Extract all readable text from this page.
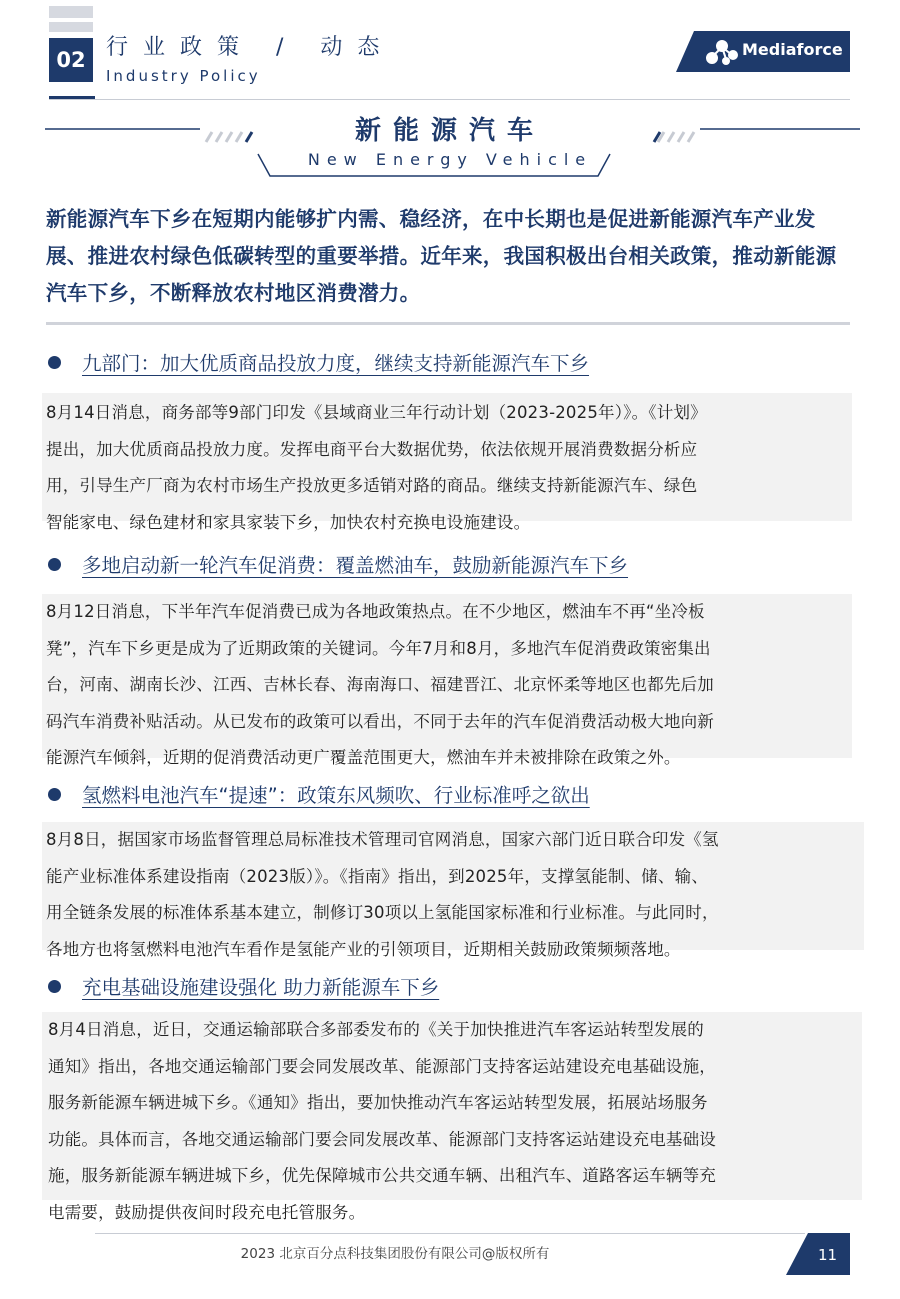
02 行业政策 / 动态
Industry Policy
Mediaforce
新能源汽车
New Energy Vehicle
新能源汽车下乡在短期内能够扩内需、稳经济，在中长期也是促进新能源汽车产业发展、推进农村绿色低碳转型的重要举措。近年来，我国积极出台相关政策，推动新能源汽车下乡，不断释放农村地区消费潜力。
九部门：加大优质商品投放力度，继续支持新能源汽车下乡
8月14日消息，商务部等9部门印发《县域商业三年行动计划（2023-2025年）》。《计划》
提出，加大优质商品投放力度。发挥电商平台大数据优势，依法依规开展消费数据分析应
用，引导生产厂商为农村市场生产投放更多适销对路的商品。继续支持新能源汽车、绿色
智能家电、绿色建材和家具家装下乡，加快农村充换电设施建设。
多地启动新一轮汽车促消费：覆盖燃油车，鼓励新能源汽车下乡
8月12日消息，下半年汽车促消费已成为各地政策热点。在不少地区，燃油车不再“坐冷板
凳”，汽车下乡更是成为了近期政策的关键词。今年7月和8月，多地汽车促消费政策密集出
台，河南、湖南长沙、江西、吉林长春、海南海口、福建晋江、北京怀柔等地区也都先后加
码汽车消费补贴活动。从已发布的政策可以看出，不同于去年的汽车促消费活动极大地向新
能源汽车倾斜，近期的促消费活动更广覆盖范围更大，燃油车并未被排除在政策之外。
氢燃料电池汽车“提速”：政策东风频吹、行业标准呼之欲出
8月8日，据国家市场监督管理总局标准技术管理司官网消息，国家六部门近日联合印发《氢
能产业标准体系建设指南（2023版）》。《指南》指出，到2025年，支撑氢能制、储、输、
用全链条发展的标准体系基本建立，制修订30项以上氢能国家标准和行业标准。与此同时，
各地方也将氢燃料电池汽车看作是氢能产业的引领项目，近期相关鼓励政策频频落地。
充电基础设施建设强化 助力新能源车下乡
8月4日消息，近日，交通运输部联合多部委发布的《关于加快推进汽车客运站转型发展的
通知》指出，各地交通运输部门要会同发展改革、能源部门支持客运站建设充电基础设施，
服务新能源车辆进城下乡。《通知》指出，要加快推动汽车客运站转型发展，拓展站场服务
功能。具体而言，各地交通运输部门要会同发展改革、能源部门支持客运站建设充电基础设
施，服务新能源车辆进城下乡，优先保障城市公共交通车辆、出租汽车、道路客运车辆等充
电需要，鼓励提供夜间时段充电托管服务。
2023 北京百分点科技集团股份有限公司@版权所有	11
